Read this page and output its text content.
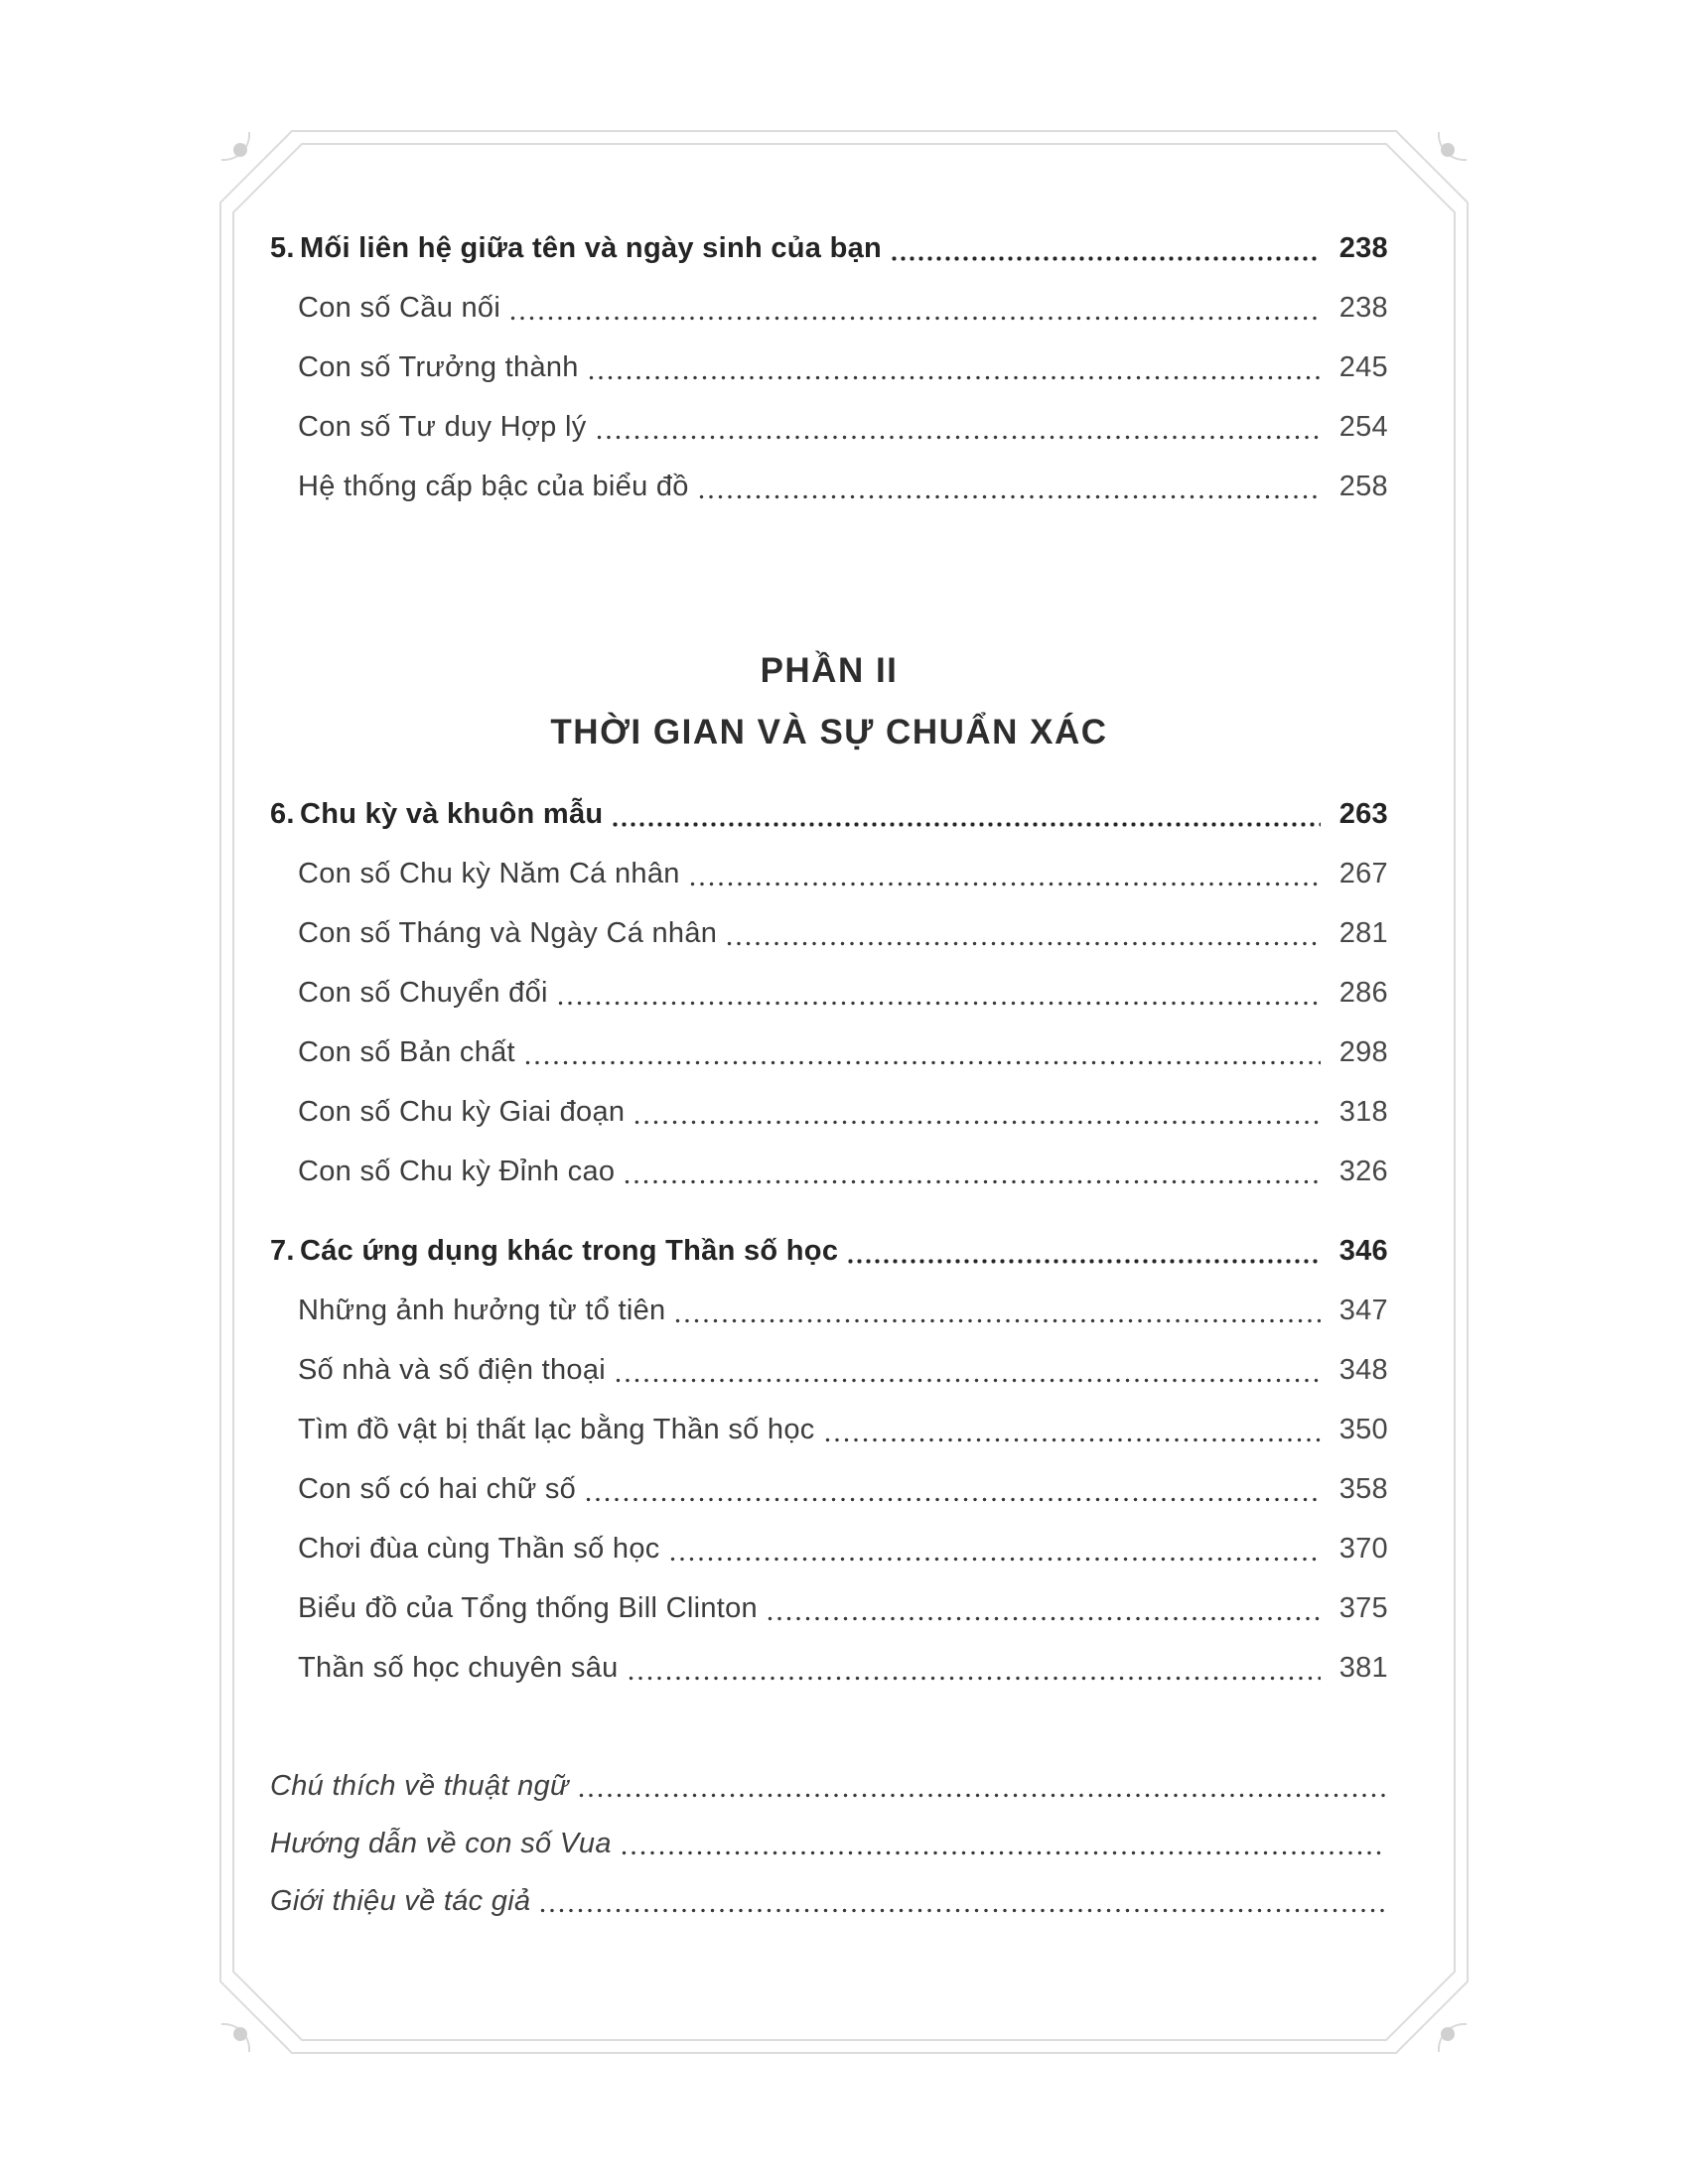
5. Mối liên hệ giữa tên và ngày sinh của bạn	238
Con số Cầu nối	238
Con số Trưởng thành	245
Con số Tư duy Hợp lý	254
Hệ thống cấp bậc của biểu đồ	258
PHẦN II
THỜI GIAN VÀ SỰ CHUẨN XÁC
6. Chu kỳ và khuôn mẫu	263
Con số Chu kỳ Năm Cá nhân	267
Con số Tháng và Ngày Cá nhân	281
Con số Chuyển đổi	286
Con số Bản chất	298
Con số Chu kỳ Giai đoạn	318
Con số Chu kỳ Đỉnh cao	326
7. Các ứng dụng khác trong Thần số học	346
Những ảnh hưởng từ tổ tiên	347
Số nhà và số điện thoại	348
Tìm đồ vật bị thất lạc bằng Thần số học	350
Con số có hai chữ số	358
Chơi đùa cùng Thần số học	370
Biểu đồ của Tổng thống Bill Clinton	375
Thần số học chuyên sâu	381
Chú thích về thuật ngữ
Hướng dẫn về con số Vua
Giới thiệu về tác giả
